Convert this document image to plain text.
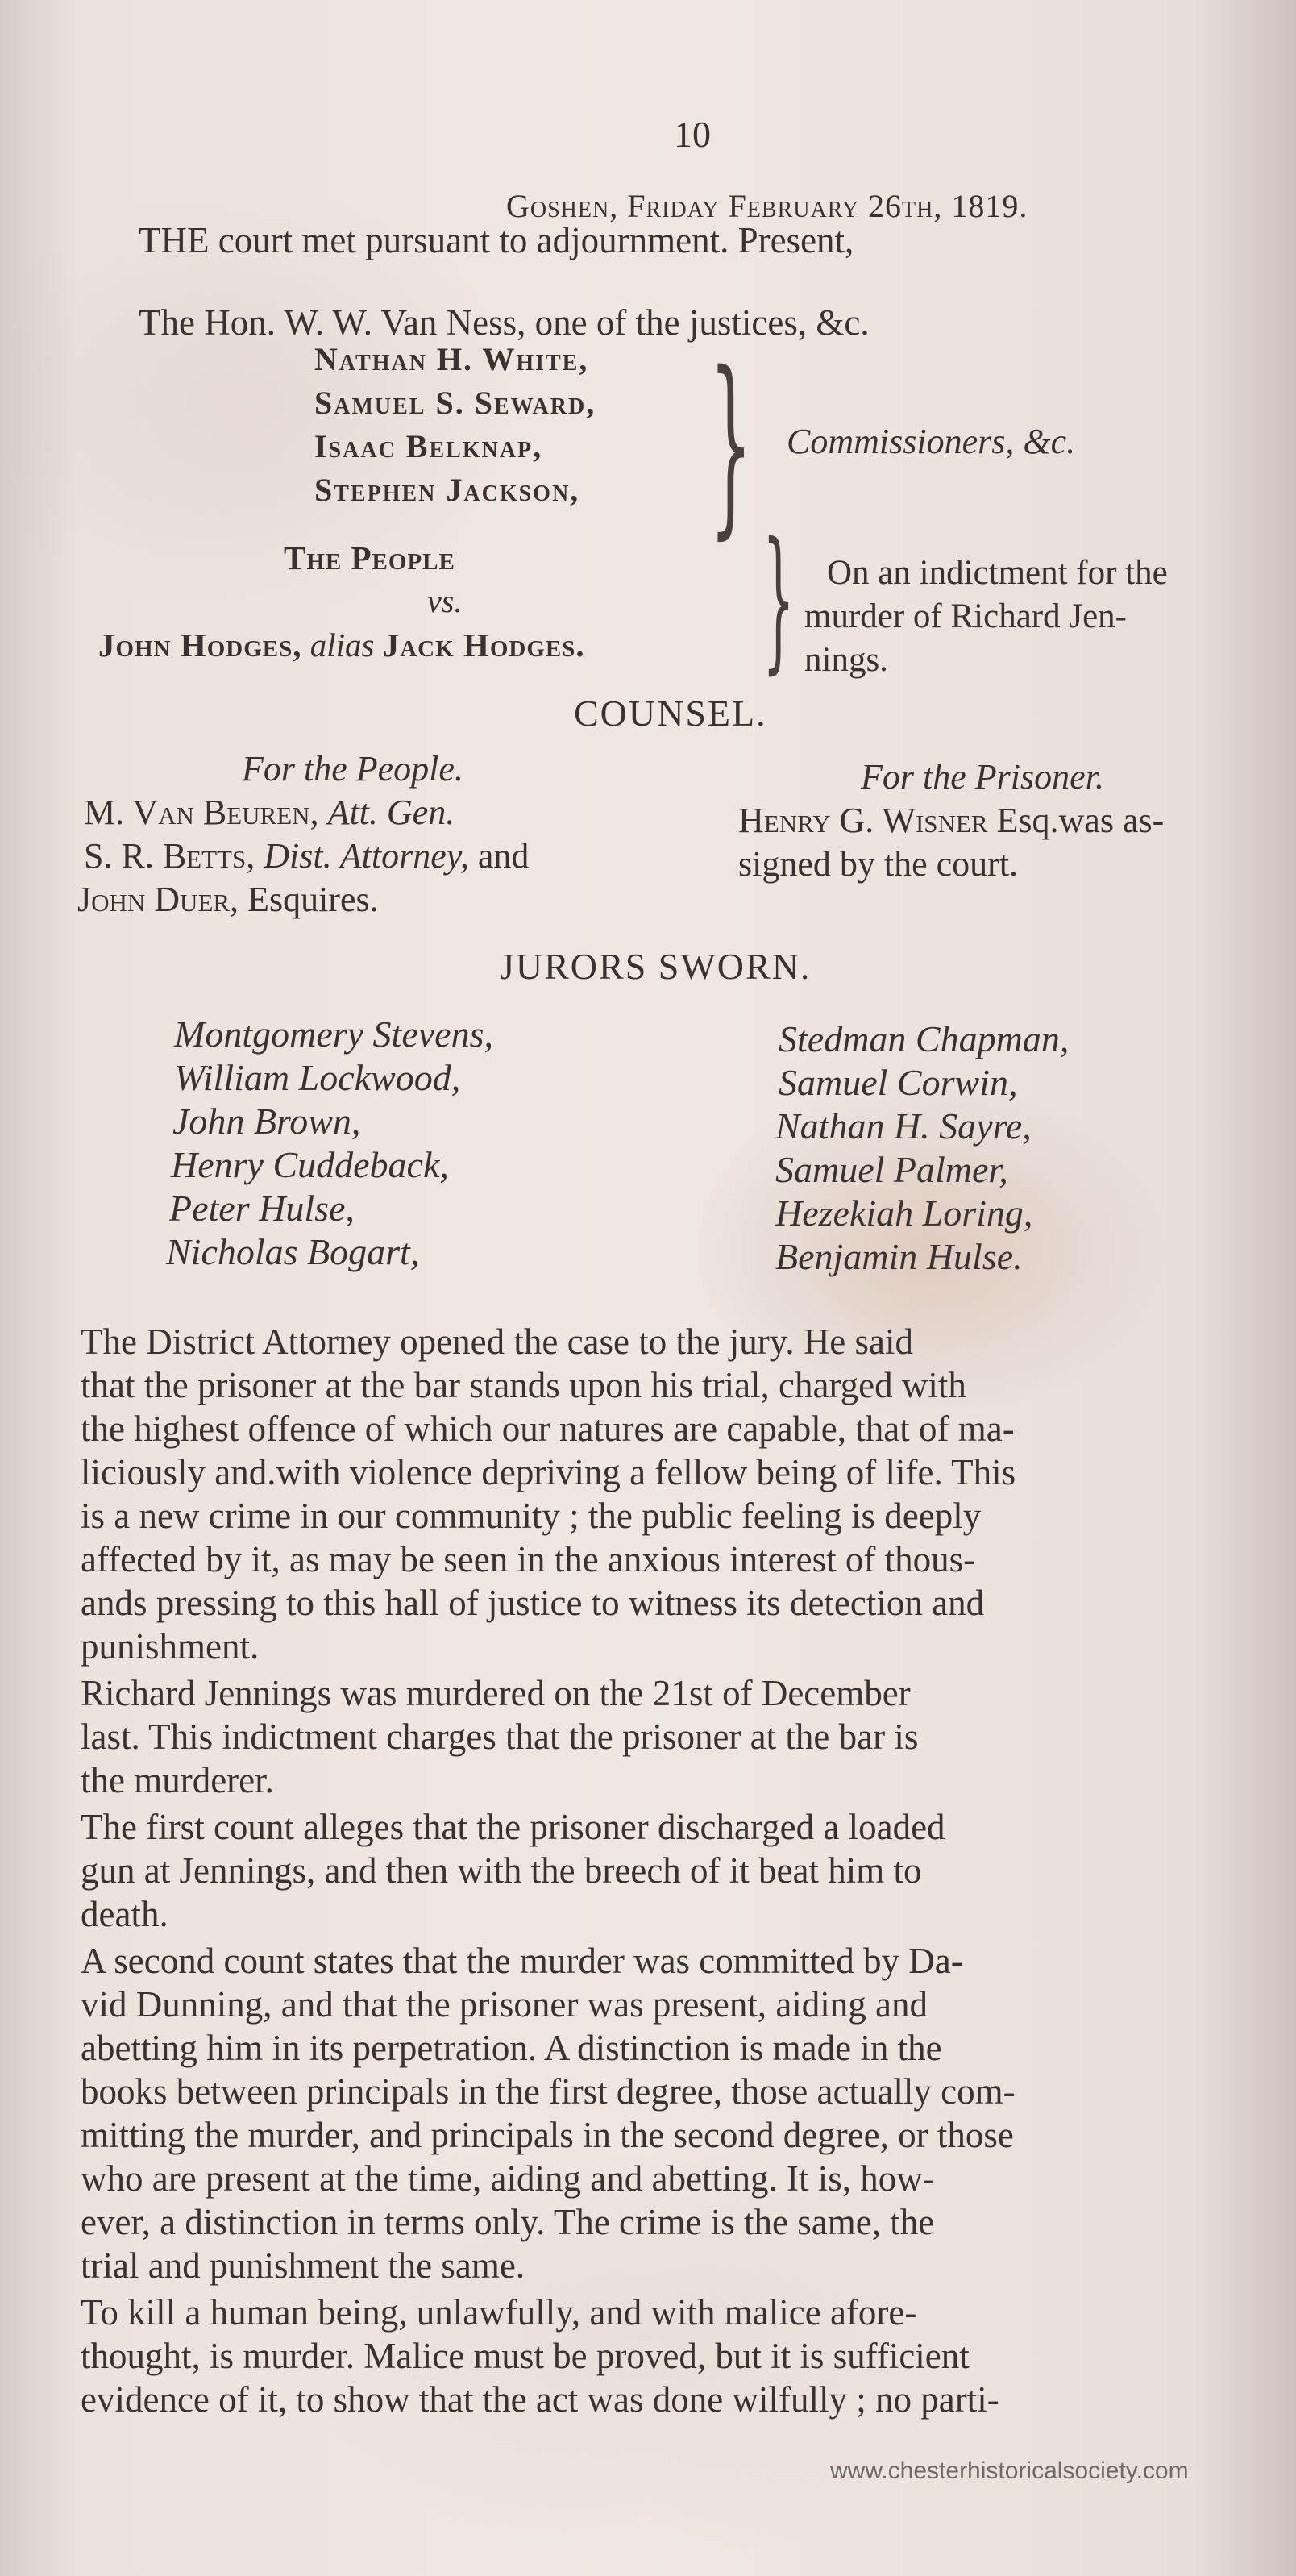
10
Goshen, Friday February 26th, 1819.
THE court met pursuant to adjournment. Present,
The Hon. W. W. Van Ness, one of the justices, &c.
Nathan H. White,
Samuel S. Seward,
Isaac Belknap,
Stephen Jackson, } Commissioners, &c.
The People
vs.
John Hodges, alias Jack Hodges. } On an indictment for the
murder of Richard Jen-
nings.
COUNSEL.
For the People.
M. Van Beuren, Att. Gen.
S. R. Betts, Dist. Attorney, and
John Duer, Esquires.
For the Prisoner.
Henry G. Wisner Esq.was as-
signed by the court.
JURORS SWORN.
Montgomery Stevens,
William Lockwood,
John Brown,
Henry Cuddeback,
Peter Hulse,
Nicholas Bogart,
Stedman Chapman,
Samuel Corwin,
Nathan H. Sayre,
Samuel Palmer,
Hezekiah Loring,
Benjamin Hulse.
The District Attorney opened the case to the jury. He said
that the prisoner at the bar stands upon his trial, charged with
the highest offence of which our natures are capable, that of ma-
liciously and.with violence depriving a fellow being of life. This
is a new crime in our community ; the public feeling is deeply
affected by it, as may be seen in the anxious interest of thous-
ands pressing to this hall of justice to witness its detection and
punishment.
Richard Jennings was murdered on the 21st of December
last. This indictment charges that the prisoner at the bar is
the murderer.
The first count alleges that the prisoner discharged a loaded
gun at Jennings, and then with the breech of it beat him to
death.
A second count states that the murder was committed by Da-
vid Dunning, and that the prisoner was present, aiding and
abetting him in its perpetration. A distinction is made in the
books between principals in the first degree, those actually com-
mitting the murder, and principals in the second degree, or those
who are present at the time, aiding and abetting. It is, how-
ever, a distinction in terms only. The crime is the same, the
trial and punishment the same.
To kill a human being, unlawfully, and with malice afore-
thought, is murder. Malice must be proved, but it is sufficient
evidence of it, to show that the act was done wilfully ; no parti-
www.chesterhistoricalsociety.com
